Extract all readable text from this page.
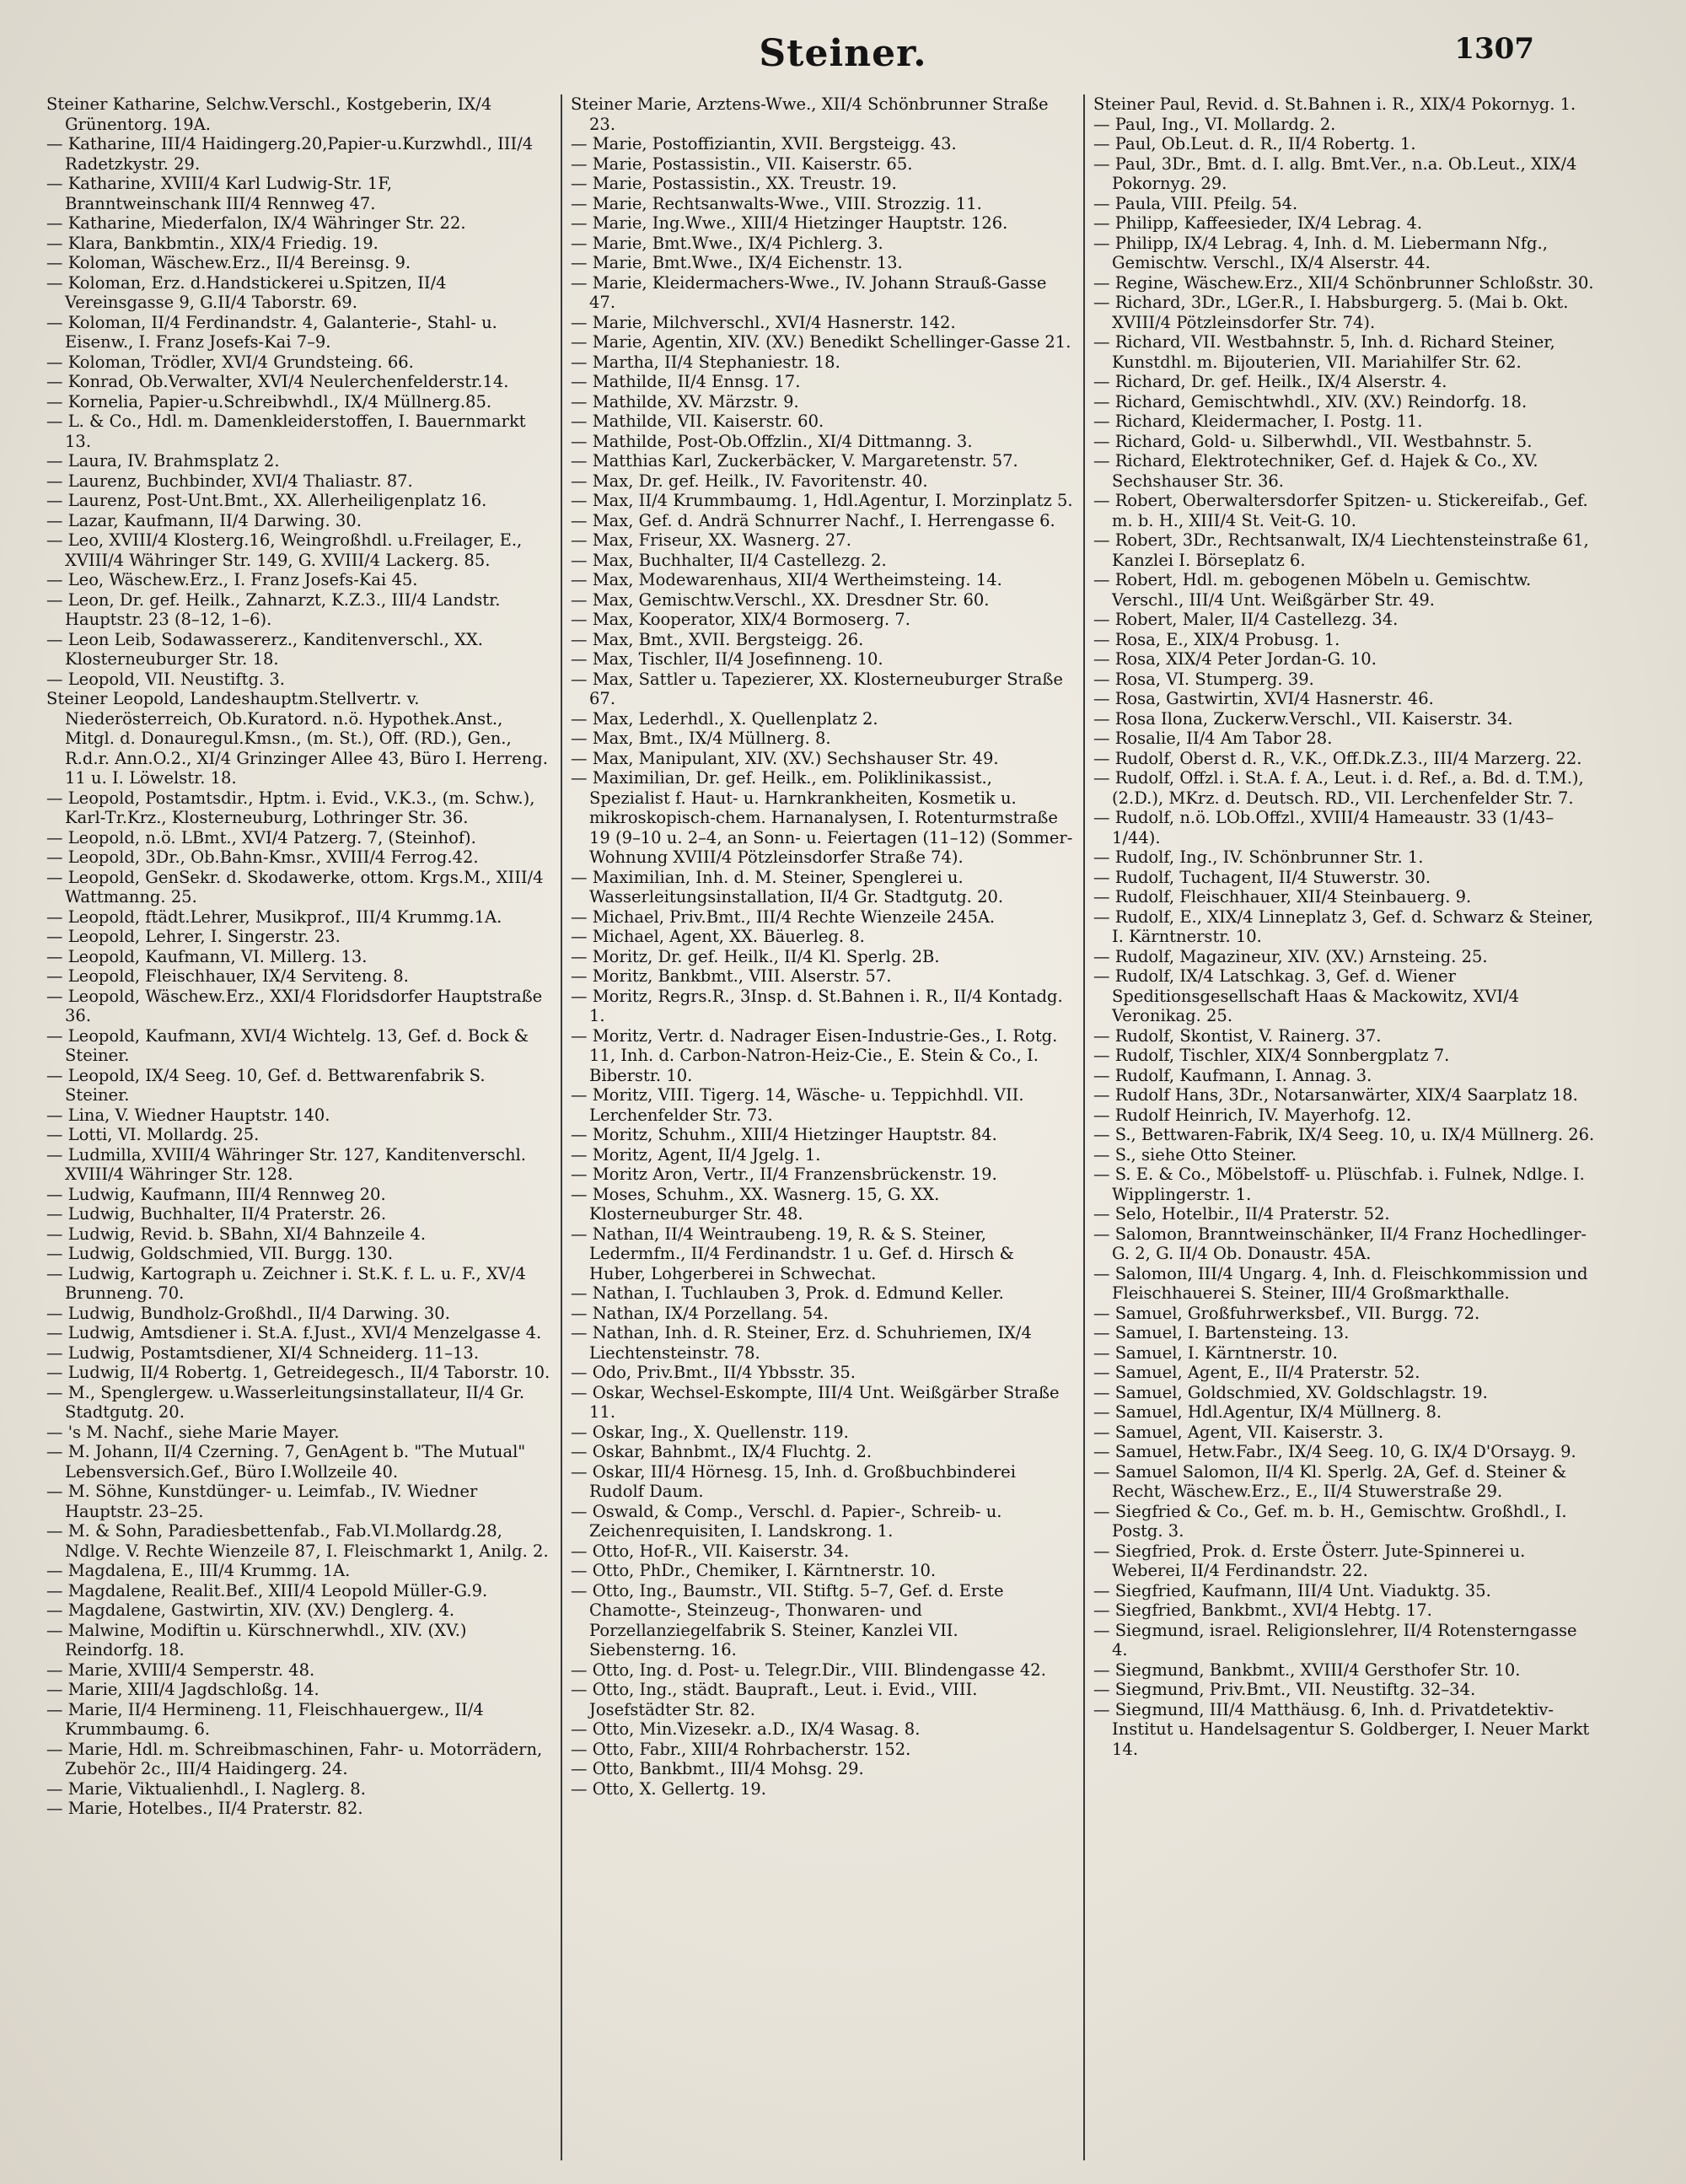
Steiner.	1307
Steiner Katharine, Selchw.Verschl., Kostgeberin, IX/4 Grünentorg. 19A.
— Katharine, III/4 Haidingerg.20,Papier-u.Kurzwhdl., III/4 Radetzkystr. 29.
— Katharine, XVIII/4 Karl Ludwig-Str. 1F, Branntweinschank III/4 Rennweg 47.
— Katharine, Miederfalon, IX/4 Währinger Str. 22.
— Klara, Bankbmtin., XIX/4 Friedig. 19.
— Koloman, Wäschew.Erz., II/4 Bereinsg. 9.
— Koloman, Erz. d.Handstickerei u.Spitzen, II/4 Vereinsgasse 9, G.II/4 Taborstr. 69.
— Koloman, II/4 Ferdinandstr. 4, Galanterie-, Stahl- u. Eisenw., I. Franz Josefs-Kai 7–9.
— Koloman, Trödler, XVI/4 Grundsteing. 66.
— Konrad, Ob.Verwalter, XVI/4 Neulerchenfelderstr.14.
— Kornelia, Papier-u.Schreibwhdl., IX/4 Müllnerg.85.
— L. & Co., Hdl. m. Damenkleiderstoffen, I. Bauernmarkt 13.
— Laura, IV. Brahmsplatz 2.
— Laurenz, Buchbinder, XVI/4 Thaliastr. 87.
— Laurenz, Post-Unt.Bmt., XX. Allerheiligenplatz 16.
— Lazar, Kaufmann, II/4 Darwing. 30.
— Leo, XVIII/4 Klosterg.16, Weingroßhdl. u.Freilager, E., XVIII/4 Währinger Str. 149, G. XVIII/4 Lackerg. 85.
— Leo, Wäschew.Erz., I. Franz Josefs-Kai 45.
— Leon, Dr. gef. Heilk., Zahnarzt, K.Z.3., III/4 Landstr. Hauptstr. 23 (8–12, 1–6).
— Leon Leib, Sodawassererz., Kanditenverschl., XX. Klosterneuburger Str. 18.
— Leopold, VII. Neustiftg. 3.
Steiner Leopold, Landeshauptm.Stellvertr. v. Niederösterreich, Ob.Kuratord. n.ö. Hypothek.Anst., Mitgl. d. Donauregul.Kmsn., (m. St.), Off. (RD.), Gen., R.d.r. Ann.O.2., XI/4 Grinzinger Allee 43, Büro I. Herreng. 11 u. I. Löwelstr. 18.
— Leopold, Postamtsdir., Hptm. i. Evid., V.K.3., (m. Schw.), Karl-Tr.Krz., Klosterneuburg, Lothringer Str. 36.
— Leopold, n.ö. LBmt., XVI/4 Patzerg. 7, (Steinhof).
— Leopold, 3Dr., Ob.Bahn-Kmsr., XVIII/4 Ferrog.42.
— Leopold, GenSekr. d. Skodawerke, ottom. Krgs.M., XIII/4 Wattmanng. 25.
— Leopold, ftädt.Lehrer, Musikprof., III/4 Krummg.1A.
— Leopold, Lehrer, I. Singerstr. 23.
— Leopold, Kaufmann, VI. Millerg. 13.
— Leopold, Fleischhauer, IX/4 Serviteng. 8.
— Leopold, Wäschew.Erz., XXI/4 Floridsdorfer Hauptstraße 36.
— Leopold, Kaufmann, XVI/4 Wichtelg. 13, Gef. d. Bock & Steiner.
— Leopold, IX/4 Seeg. 10, Gef. d. Bettwarenfabrik S. Steiner.
— Lina, V. Wiedner Hauptstr. 140.
— Lotti, VI. Mollardg. 25.
— Ludmilla, XVIII/4 Währinger Str. 127, Kanditenverschl. XVIII/4 Währinger Str. 128.
— Ludwig, Kaufmann, III/4 Rennweg 20.
— Ludwig, Buchhalter, II/4 Praterstr. 26.
— Ludwig, Revid. b. SBahn, XI/4 Bahnzeile 4.
— Ludwig, Goldschmied, VII. Burgg. 130.
— Ludwig, Kartograph u. Zeichner i. St.K. f. L. u. F., XV/4 Brunneng. 70.
— Ludwig, Bundholz-Großhdl., II/4 Darwing. 30.
— Ludwig, Amtsdiener i. St.A. f.Just., XVI/4 Menzelgasse 4.
— Ludwig, Postamtsdiener, XI/4 Schneiderg. 11–13.
— Ludwig, II/4 Robertg. 1, Getreidegesch., II/4 Taborstr. 10.
— M., Spenglergew. u.Wasserleitungsinstallateur, II/4 Gr. Stadtgutg. 20.
— 's M. Nachf., siehe Marie Mayer.
— M. Johann, II/4 Czerning. 7, GenAgent b. "The Mutual" Lebensversich.Gef., Büro I.Wollzeile 40.
— M. Söhne, Kunstdünger- u. Leimfab., IV. Wiedner Hauptstr. 23–25.
— M. & Sohn, Paradiesbettenfab., Fab.VI.Mollardg.28, Ndlge. V. Rechte Wienzeile 87, I. Fleischmarkt 1, Anilg. 2.
— Magdalena, E., III/4 Krummg. 1A.
— Magdalene, Realit.Bef., XIII/4 Leopold Müller-G.9.
— Magdalene, Gastwirtin, XIV. (XV.) Denglerg. 4.
— Malwine, Modiftin u. Kürschnerwhdl., XIV. (XV.) Reindorfg. 18.
— Marie, XVIII/4 Semperstr. 48.
— Marie, XIII/4 Jagdschloßg. 14.
— Marie, II/4 Hermineng. 11, Fleischhauergew., II/4 Krummbaumg. 6.
— Marie, Hdl. m. Schreibmaschinen, Fahr- u. Motorrädern, Zubehör 2c., III/4 Haidingerg. 24.
— Marie, Viktualienhdl., I. Naglerg. 8.
— Marie, Hotelbes., II/4 Praterstr. 82.
Steiner Marie, Arztens-Wwe., XII/4 Schönbrunner Straße 23.
— Marie, Postoffiziantin, XVII. Bergsteigg. 43.
— Marie, Postassistin., VII. Kaiserstr. 65.
— Marie, Postassistin., XX. Treustr. 19.
— Marie, Rechtsanwalts-Wwe., VIII. Strozzig. 11.
— Marie, Ing.Wwe., XIII/4 Hietzinger Hauptstr. 126.
— Marie, Bmt.Wwe., IX/4 Pichlerg. 3.
— Marie, Bmt.Wwe., IX/4 Eichenstr. 13.
— Marie, Kleidermachers-Wwe., IV. Johann Strauß-Gasse 47.
— Marie, Milchverschl., XVI/4 Hasnerstr. 142.
— Marie, Agentin, XIV. (XV.) Benedikt Schellinger-Gasse 21.
— Martha, II/4 Stephaniestr. 18.
— Mathilde, II/4 Ennsg. 17.
— Mathilde, XV. Märzstr. 9.
— Mathilde, VII. Kaiserstr. 60.
— Mathilde, Post-Ob.Offzlin., XI/4 Dittmanng. 3.
— Matthias Karl, Zuckerbäcker, V. Margaretenstr. 57.
— Max, Dr. gef. Heilk., IV. Favoritenstr. 40.
— Max, II/4 Krummbaumg. 1, Hdl.Agentur, I. Morzinplatz 5.
— Max, Gef. d. Andrä Schnurrer Nachf., I. Herrengasse 6.
— Max, Friseur, XX. Wasnerg. 27.
— Max, Buchhalter, II/4 Castellezg. 2.
— Max, Modewarenhaus, XII/4 Wertheimsteing. 14.
— Max, Gemischtw.Verschl., XX. Dresdner Str. 60.
— Max, Kooperator, XIX/4 Bormoserg. 7.
— Max, Bmt., XVII. Bergsteigg. 26.
— Max, Tischler, II/4 Josefinneng. 10.
— Max, Sattler u. Tapezierer, XX. Klosterneuburger Straße 67.
— Max, Lederhdl., X. Quellenplatz 2.
— Max, Bmt., IX/4 Müllnerg. 8.
— Max, Manipulant, XIV. (XV.) Sechshauser Str. 49.
— Maximilian, Dr. gef. Heilk., em. Poliklinikassist., Spezialist f. Haut- u. Harnkrankheiten, Kosmetik u. mikroskopisch-chem. Harnanalysen, I. Rotenturmstraße 19 (9–10 u. 2–4, an Sonn- u. Feiertagen (11–12) (Sommer-Wohnung XVIII/4 Pötzleinsdorfer Straße 74).
— Maximilian, Inh. d. M. Steiner, Spenglerei u. Wasserleitungsinstallation, II/4 Gr. Stadtgutg. 20.
— Michael, Priv.Bmt., III/4 Rechte Wienzeile 245A.
— Michael, Agent, XX. Bäuerleg. 8.
— Moritz, Dr. gef. Heilk., II/4 Kl. Sperlg. 2B.
— Moritz, Bankbmt., VIII. Alserstr. 57.
— Moritz, Regrs.R., 3Insp. d. St.Bahnen i. R., II/4 Kontadg. 1.
— Moritz, Vertr. d. Nadrager Eisen-Industrie-Ges., I. Rotg. 11, Inh. d. Carbon-Natron-Heiz-Cie., E. Stein & Co., I. Biberstr. 10.
— Moritz, VIII. Tigerg. 14, Wäsche- u. Teppichhdl. VII. Lerchenfelder Str. 73.
— Moritz, Schuhm., XIII/4 Hietzinger Hauptstr. 84.
— Moritz, Agent, II/4 Jgelg. 1.
— Moritz Aron, Vertr., II/4 Franzensbrückenstr. 19.
— Moses, Schuhm., XX. Wasnerg. 15, G. XX. Klosterneuburger Str. 48.
— Nathan, II/4 Weintraubeng. 19, R. & S. Steiner, Ledermfm., II/4 Ferdinandstr. 1 u. Gef. d. Hirsch & Huber, Lohgerberei in Schwechat.
— Nathan, I. Tuchlauben 3, Prok. d. Edmund Keller.
— Nathan, IX/4 Porzellang. 54.
— Nathan, Inh. d. R. Steiner, Erz. d. Schuhriemen, IX/4 Liechtensteinstr. 78.
— Odo, Priv.Bmt., II/4 Ybbsstr. 35.
— Oskar, Wechsel-Eskompte, III/4 Unt. Weißgärber Straße 11.
— Oskar, Ing., X. Quellenstr. 119.
— Oskar, Bahnbmt., IX/4 Fluchtg. 2.
— Oskar, III/4 Hörnesg. 15, Inh. d. Großbuchbinderei Rudolf Daum.
— Oswald, & Comp., Verschl. d. Papier-, Schreib- u. Zeichenrequisiten, I. Landskrong. 1.
— Otto, Hof-R., VII. Kaiserstr. 34.
— Otto, PhDr., Chemiker, I. Kärntnerstr. 10.
— Otto, Ing., Baumstr., VII. Stiftg. 5–7, Gef. d. Erste Chamotte-, Steinzeug-, Thonwaren- und Porzellanziegelfabrik S. Steiner, Kanzlei VII. Siebensterng. 16.
— Otto, Ing. d. Post- u. Telegr.Dir., VIII. Blindengasse 42.
— Otto, Ing., städt. Baupraft., Leut. i. Evid., VIII. Josefstädter Str. 82.
— Otto, Min.Vizesekr. a.D., IX/4 Wasag. 8.
— Otto, Fabr., XIII/4 Rohrbacherstr. 152.
— Otto, Bankbmt., III/4 Mohsg. 29.
— Otto, X. Gellertg. 19.
Steiner Paul, Revid. d. St.Bahnen i. R., XIX/4 Pokornyg. 1.
— Paul, Ing., VI. Mollardg. 2.
— Paul, Ob.Leut. d. R., II/4 Robertg. 1.
— Paul, 3Dr., Bmt. d. I. allg. Bmt.Ver., n.a. Ob.Leut., XIX/4 Pokornyg. 29.
— Paula, VIII. Pfeilg. 54.
— Philipp, Kaffeesieder, IX/4 Lebrag. 4.
— Philipp, IX/4 Lebrag. 4, Inh. d. M. Liebermann Nfg., Gemischtw. Verschl., IX/4 Alserstr. 44.
— Regine, Wäschew.Erz., XII/4 Schönbrunner Schloßstr. 30.
— Richard, 3Dr., LGer.R., I. Habsburgerg. 5. (Mai b. Okt. XVIII/4 Pötzleinsdorfer Str. 74).
— Richard, VII. Westbahnstr. 5, Inh. d. Richard Steiner, Kunstdhl. m. Bijouterien, VII. Mariahilfer Str. 62.
— Richard, Dr. gef. Heilk., IX/4 Alserstr. 4.
— Richard, Gemischtwhdl., XIV. (XV.) Reindorfg. 18.
— Richard, Kleidermacher, I. Postg. 11.
— Richard, Gold- u. Silberwhdl., VII. Westbahnstr. 5.
— Richard, Elektrotechniker, Gef. d. Hajek & Co., XV. Sechshauser Str. 36.
— Robert, Oberwaltersdorfer Spitzen- u. Stickereifab., Gef. m. b. H., XIII/4 St. Veit-G. 10.
— Robert, 3Dr., Rechtsanwalt, IX/4 Liechtensteinstraße 61, Kanzlei I. Börseplatz 6.
— Robert, Hdl. m. gebogenen Möbeln u. Gemischtw. Verschl., III/4 Unt. Weißgärber Str. 49.
— Robert, Maler, II/4 Castellezg. 34.
— Rosa, E., XIX/4 Probusg. 1.
— Rosa, XIX/4 Peter Jordan-G. 10.
— Rosa, VI. Stumperg. 39.
— Rosa, Gastwirtin, XVI/4 Hasnerstr. 46.
— Rosa Ilona, Zuckerw.Verschl., VII. Kaiserstr. 34.
— Rosalie, II/4 Am Tabor 28.
— Rudolf, Oberst d. R., V.K., Off.Dk.Z.3., III/4 Marzerg. 22.
— Rudolf, Offzl. i. St.A. f. A., Leut. i. d. Ref., a. Bd. d. T.M.), (2.D.), MKrz. d. Deutsch. RD., VII. Lerchenfelder Str. 7.
— Rudolf, n.ö. LOb.Offzl., XVIII/4 Hameaustr. 33 (1/43–1/44).
— Rudolf, Ing., IV. Schönbrunner Str. 1.
— Rudolf, Tuchagent, II/4 Stuwerstr. 30.
— Rudolf, Fleischhauer, XII/4 Steinbauerg. 9.
— Rudolf, E., XIX/4 Linneplatz 3, Gef. d. Schwarz & Steiner, I. Kärntnerstr. 10.
— Rudolf, Magazineur, XIV. (XV.) Arnsteing. 25.
— Rudolf, IX/4 Latschkag. 3, Gef. d. Wiener Speditionsgesellschaft Haas & Mackowitz, XVI/4 Veronikag. 25.
— Rudolf, Skontist, V. Rainerg. 37.
— Rudolf, Tischler, XIX/4 Sonnbergplatz 7.
— Rudolf, Kaufmann, I. Annag. 3.
— Rudolf Hans, 3Dr., Notarsanwärter, XIX/4 Saarplatz 18.
— Rudolf Heinrich, IV. Mayerhofg. 12.
— S., Bettwaren-Fabrik, IX/4 Seeg. 10, u. IX/4 Müllnerg. 26.
— S., siehe Otto Steiner.
— S. E. & Co., Möbelstoff- u. Plüschfab. i. Fulnek, Ndlge. I. Wipplingerstr. 1.
— Selo, Hotelbir., II/4 Praterstr. 52.
— Salomon, Branntweinschänker, II/4 Franz Hochedlinger-G. 2, G. II/4 Ob. Donaustr. 45A.
— Salomon, III/4 Ungarg. 4, Inh. d. Fleischkommission und Fleischhauerei S. Steiner, III/4 Großmarkthalle.
— Samuel, Großfuhrwerksbef., VII. Burgg. 72.
— Samuel, I. Bartensteing. 13.
— Samuel, I. Kärntnerstr. 10.
— Samuel, Agent, E., II/4 Praterstr. 52.
— Samuel, Goldschmied, XV. Goldschlagstr. 19.
— Samuel, Hdl.Agentur, IX/4 Müllnerg. 8.
— Samuel, Agent, VII. Kaiserstr. 3.
— Samuel, Hetw.Fabr., IX/4 Seeg. 10, G. IX/4 D'Orsayg. 9.
— Samuel Salomon, II/4 Kl. Sperlg. 2A, Gef. d. Steiner & Recht, Wäschew.Erz., E., II/4 Stuwerstraße 29.
— Siegfried & Co., Gef. m. b. H., Gemischtw. Großhdl., I. Postg. 3.
— Siegfried, Prok. d. Erste Österr. Jute-Spinnerei u. Weberei, II/4 Ferdinandstr. 22.
— Siegfried, Kaufmann, III/4 Unt. Viaduktg. 35.
— Siegfried, Bankbmt., XVI/4 Hebtg. 17.
— Siegmund, israel. Religionslehrer, II/4 Rotensterngasse 4.
— Siegmund, Bankbmt., XVIII/4 Gersthofer Str. 10.
— Siegmund, Priv.Bmt., VII. Neustiftg. 32–34.
— Siegmund, III/4 Matthäusg. 6, Inh. d. Privatdetektiv-Institut u. Handelsagentur S. Goldberger, I. Neuer Markt 14.
